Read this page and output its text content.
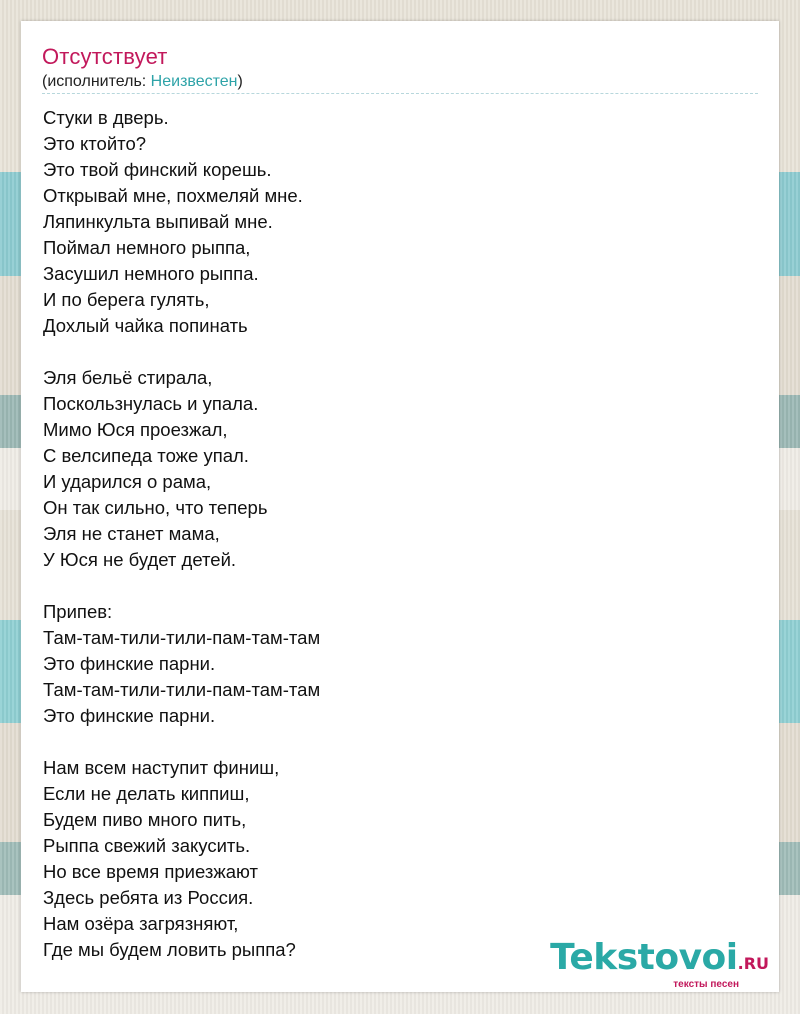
Отсутствует
(исполнитель: Неизвестен)
Стуки в дверь.
Это ктойто?
Это твой финский корешь.
Открывай мне, похмеляй мне.
Ляпинкульта выпивай мне.
Поймал немного рыппа,
Засушил немного рыппа.
И по берега гулять,
Дохлый чайка попинать
Эля бельё стирала,
Поскользнулась и упала.
Мимо Юся проезжал,
С велсипеда тоже упал.
И ударился о рама,
Он так сильно, что теперь
Эля не станет мама,
У Юся не будет детей.
Припев:
Там-там-тили-тили-пам-там-там
Это финские парни.
Там-там-тили-тили-пам-там-там
Это финские парни.
Нам всем наступит финиш,
Если не делать киппиш,
Будем пиво много пить,
Рыппа свежий закусить.
Но все время приезжают
Здесь ребята из Россия.
Нам озёра загрязняют,
Где мы будем ловить рыппа?	Tekstovoi.RU
тексты песен
